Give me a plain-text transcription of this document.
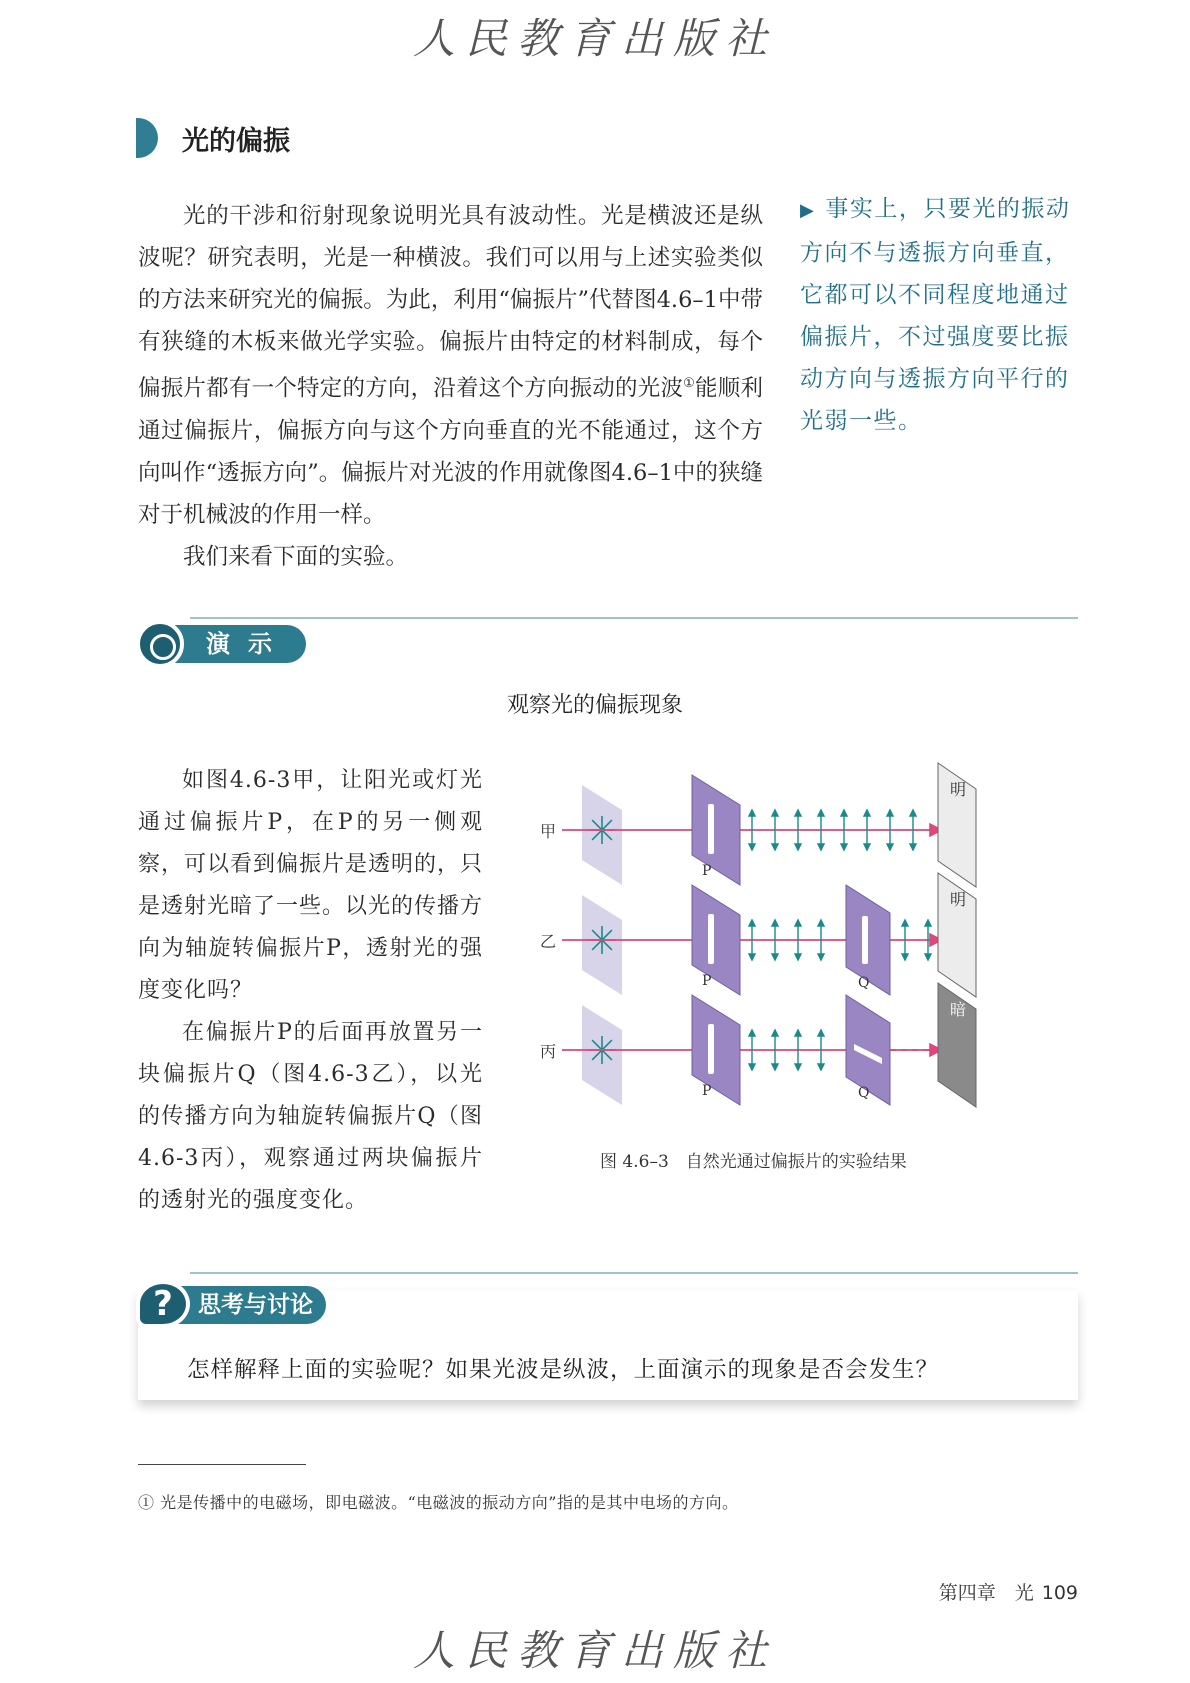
人民教育出版社
光的偏振

光的干涉和衍射现象说明光具有波动性。光是横波还是纵波呢？研究表明，光是一种横波。我们可以用与上述实验类似的方法来研究光的偏振。为此，利用“偏振片”代替图4.6–1中带有狭缝的木板来做光学实验。偏振片由特定的材料制成，每个偏振片都有一个特定的方向，沿着这个方向振动的光波①能顺利通过偏振片，偏振方向与这个方向垂直的光不能通过，这个方向叫作“透振方向”。偏振片对光波的作用就像图4.6–1中的狭缝对于机械波的作用一样。

我们来看下面的实验。

▶ 事实上，只要光的振动方向不与透振方向垂直，它都可以不同程度地通过偏振片，不过强度要比振动方向与透振方向平行的光弱一些。
演示
观察光的偏振现象

如图4.6-3甲，让阳光或灯光通过偏振片P，在P的另一侧观察，可以看到偏振片是透明的，只是透射光暗了一些。以光的传播方向为轴旋转偏振片P，透射光的强度变化吗？

在偏振片P的后面再放置另一块偏振片Q（图4.6-3乙），以光的传播方向为轴旋转偏振片Q（图4.6-3丙），观察通过两块偏振片的透射光的强度变化。

甲
P
明
乙
P	Q
明
丙
P	Q
暗
图 4.6–3　自然光通过偏振片的实验结果
思考与讨论
?
怎样解释上面的实验呢？如果光波是纵波，上面演示的现象是否会发生？
① 光是传播中的电磁场，即电磁波。“电磁波的振动方向”指的是其中电场的方向。
第四章　光 109
人民教育出版社
